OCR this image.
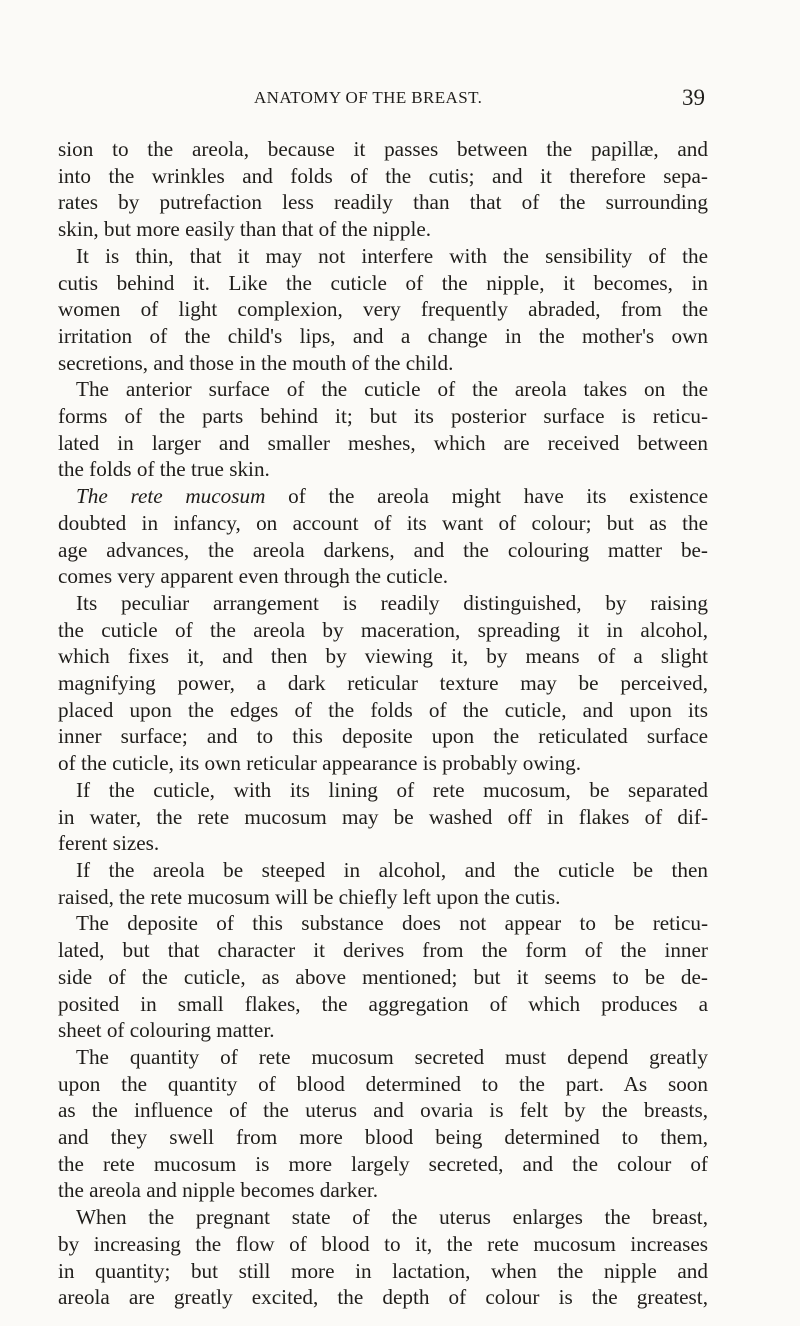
ANATOMY OF THE BREAST.	39
sion to the areola, because it passes between the papillæ, and
into the wrinkles and folds of the cutis; and it therefore sepa-
rates by putrefaction less readily than that of the surrounding
skin, but more easily than that of the nipple.
It is thin, that it may not interfere with the sensibility of the
cutis behind it. Like the cuticle of the nipple, it becomes, in
women of light complexion, very frequently abraded, from the
irritation of the child's lips, and a change in the mother's own
secretions, and those in the mouth of the child.
The anterior surface of the cuticle of the areola takes on the
forms of the parts behind it; but its posterior surface is reticu-
lated in larger and smaller meshes, which are received between
the folds of the true skin.
The rete mucosum of the areola might have its existence
doubted in infancy, on account of its want of colour; but as the
age advances, the areola darkens, and the colouring matter be-
comes very apparent even through the cuticle.
Its peculiar arrangement is readily distinguished, by raising
the cuticle of the areola by maceration, spreading it in alcohol,
which fixes it, and then by viewing it, by means of a slight
magnifying power, a dark reticular texture may be perceived,
placed upon the edges of the folds of the cuticle, and upon its
inner surface; and to this deposite upon the reticulated surface
of the cuticle, its own reticular appearance is probably owing.
If the cuticle, with its lining of rete mucosum, be separated
in water, the rete mucosum may be washed off in flakes of dif-
ferent sizes.
If the areola be steeped in alcohol, and the cuticle be then
raised, the rete mucosum will be chiefly left upon the cutis.
The deposite of this substance does not appear to be reticu-
lated, but that character it derives from the form of the inner
side of the cuticle, as above mentioned; but it seems to be de-
posited in small flakes, the aggregation of which produces a
sheet of colouring matter.
The quantity of rete mucosum secreted must depend greatly
upon the quantity of blood determined to the part. As soon
as the influence of the uterus and ovaria is felt by the breasts,
and they swell from more blood being determined to them,
the rete mucosum is more largely secreted, and the colour of
the areola and nipple becomes darker.
When the pregnant state of the uterus enlarges the breast,
by increasing the flow of blood to it, the rete mucosum increases
in quantity; but still more in lactation, when the nipple and
areola are greatly excited, the depth of colour is the greatest,
